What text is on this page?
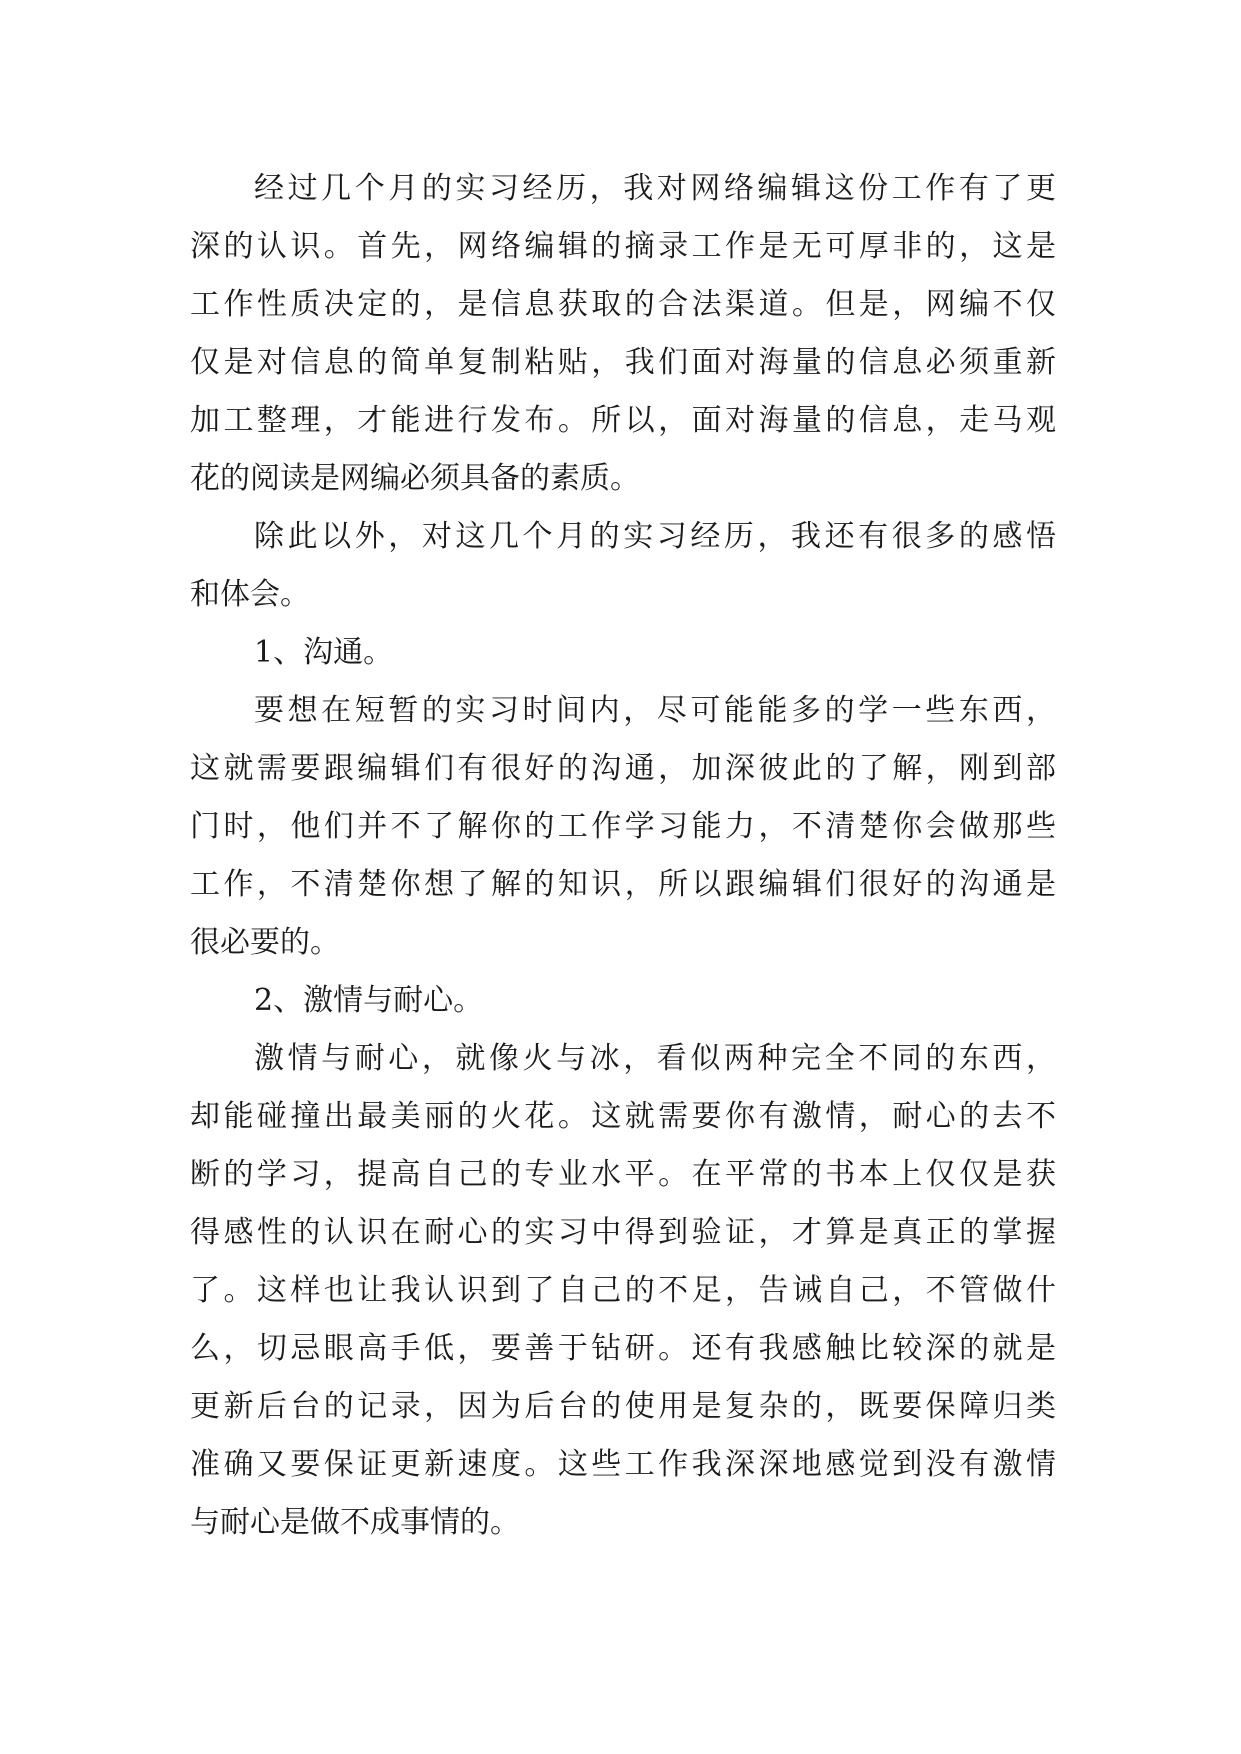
经过几个月的实习经历，我对网络编辑这份工作有了更
深的认识。首先，网络编辑的摘录工作是无可厚非的，这是
工作性质决定的，是信息获取的合法渠道。但是，网编不仅
仅是对信息的简单复制粘贴，我们面对海量的信息必须重新
加工整理，才能进行发布。所以，面对海量的信息，走马观
花的阅读是网编必须具备的素质。
除此以外，对这几个月的实习经历，我还有很多的感悟
和体会。
1、沟通。
要想在短暂的实习时间内，尽可能能多的学一些东西，
这就需要跟编辑们有很好的沟通，加深彼此的了解，刚到部
门时，他们并不了解你的工作学习能力，不清楚你会做那些
工作，不清楚你想了解的知识，所以跟编辑们很好的沟通是
很必要的。
2、激情与耐心。
激情与耐心，就像火与冰，看似两种完全不同的东西，
却能碰撞出最美丽的火花。这就需要你有激情，耐心的去不
断的学习，提高自己的专业水平。在平常的书本上仅仅是获
得感性的认识在耐心的实习中得到验证，才算是真正的掌握
了。这样也让我认识到了自己的不足，告诫自己，不管做什
么，切忌眼高手低，要善于钻研。还有我感触比较深的就是
更新后台的记录，因为后台的使用是复杂的，既要保障归类
准确又要保证更新速度。这些工作我深深地感觉到没有激情
与耐心是做不成事情的。
